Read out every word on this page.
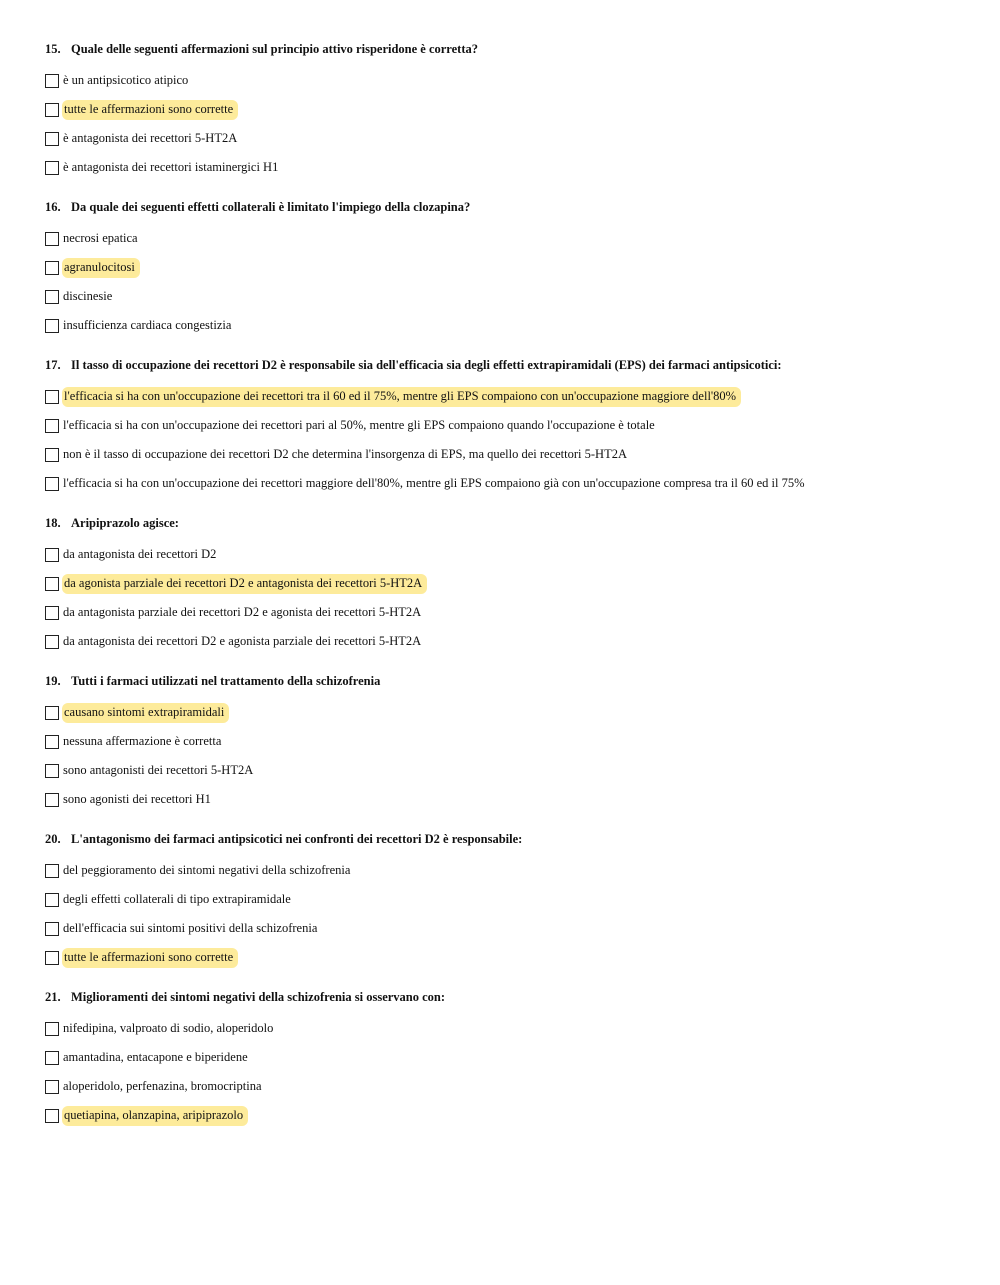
15. Quale delle seguenti affermazioni sul principio attivo risperidone è corretta?
è un antipsicotico atipico
tutte le affermazioni sono corrette
è antagonista dei recettori 5-HT2A
è antagonista dei recettori istaminergici H1
16. Da quale dei seguenti effetti collaterali è limitato l'impiego della clozapina?
necrosi epatica
agranulocitosi
discinesie
insufficienza cardiaca congestizia
17. Il tasso di occupazione dei recettori D2 è responsabile sia dell'efficacia sia degli effetti extrapiramidali (EPS) dei farmaci antipsicotici:
l'efficacia si ha con un'occupazione dei recettori tra il 60 ed il 75%, mentre gli EPS compaiono con un'occupazione maggiore dell'80%
l'efficacia si ha con un'occupazione dei recettori pari al 50%, mentre gli EPS compaiono quando l'occupazione è totale
non è il tasso di occupazione dei recettori D2 che determina l'insorgenza di EPS, ma quello dei recettori 5-HT2A
l'efficacia si ha con un'occupazione dei recettori maggiore dell'80%, mentre gli EPS compaiono già con un'occupazione compresa tra il 60 ed il 75%
18. Aripiprazolo agisce:
da antagonista dei recettori D2
da agonista parziale dei recettori D2 e antagonista dei recettori 5-HT2A
da antagonista parziale dei recettori D2 e agonista dei recettori 5-HT2A
da antagonista dei recettori D2 e agonista parziale dei recettori 5-HT2A
19. Tutti i farmaci utilizzati nel trattamento della schizofrenia
causano sintomi extrapiramidali
nessuna affermazione è corretta
sono antagonisti dei recettori 5-HT2A
sono agonisti dei recettori H1
20. L'antagonismo dei farmaci antipsicotici nei confronti dei recettori D2 è responsabile:
del peggioramento dei sintomi negativi della schizofrenia
degli effetti collaterali di tipo extrapiramidale
dell'efficacia sui sintomi positivi della schizofrenia
tutte le affermazioni sono corrette
21. Miglioramenti dei sintomi negativi della schizofrenia si osservano con:
nifedipina, valproato di sodio, aloperidolo
amantadina, entacapone e biperidene
aloperidolo, perfenazina, bromocriptina
quetiapina, olanzapina, aripiprazolo
